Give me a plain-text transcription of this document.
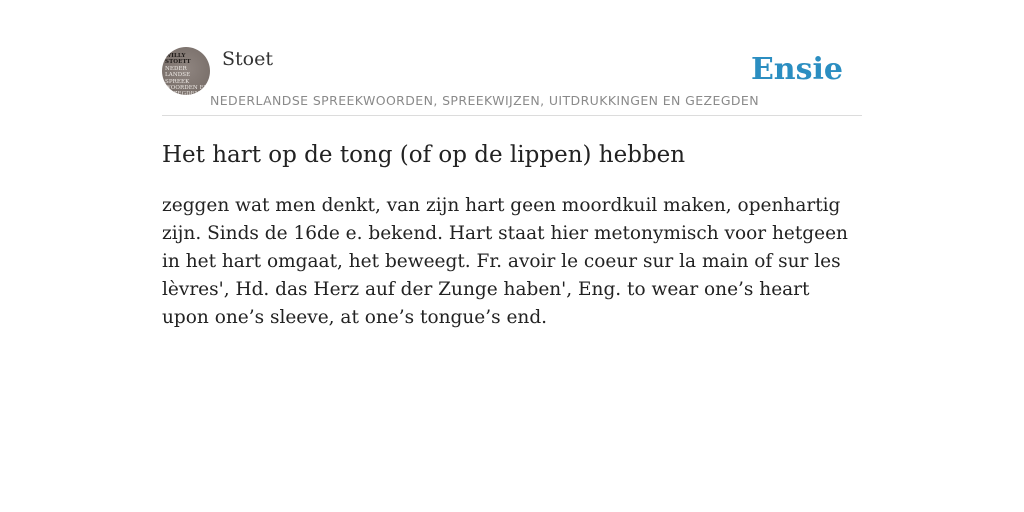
WILLY STOETT
NEDER
LANDSE
SPREEK
WOORDEN EN
GEZEGDEN
Stoet
NEDERLANDSE SPREEKWOORDEN, SPREEKWIJZEN, UITDRUKKINGEN EN GEZEGDEN
Ensie
Het hart op de tong (of op de lippen) hebben

zeggen wat men denkt, van zijn hart geen moordkuil maken, openhartig zijn. Sinds de 16de e. bekend. Hart staat hier metonymisch voor hetgeen in het hart omgaat, het beweegt. Fr. avoir le coeur sur la main of sur les lèvres', Hd. das Herz auf der Zunge haben', Eng. to wear one’s heart upon one’s sleeve, at one’s tongue’s end.
